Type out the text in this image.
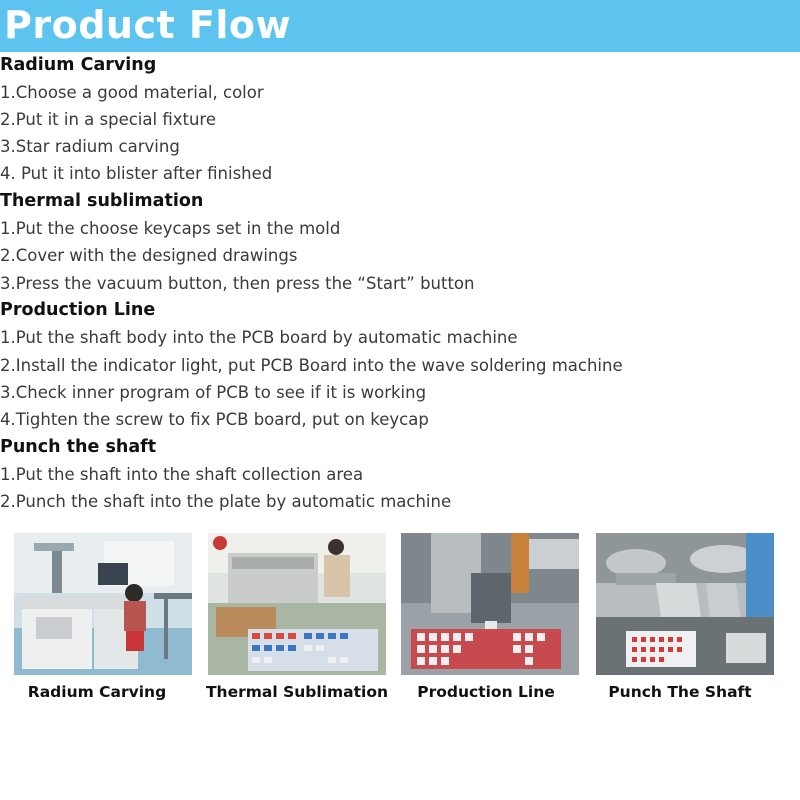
Product Flow
Radium Carving
1.Choose a good material, color
2.Put it in a special fixture
3.Star radium carving
4. Put it into blister after finished
Thermal sublimation
1.Put the choose keycaps set in the mold
2.Cover with the designed drawings
3.Press the vacuum button, then press the “Start” button
Production Line
1.Put the shaft body into the PCB board by automatic machine
2.Install the indicator light, put PCB Board into the wave soldering machine
3.Check inner program of PCB to see if it is working
4.Tighten the screw to fix PCB board, put on keycap
Punch the shaft
1.Put the shaft into the shaft collection area
2.Punch the shaft into the plate by automatic machine
Radium Carving	Thermal Sublimation	Production Line	Punch The Shaft
